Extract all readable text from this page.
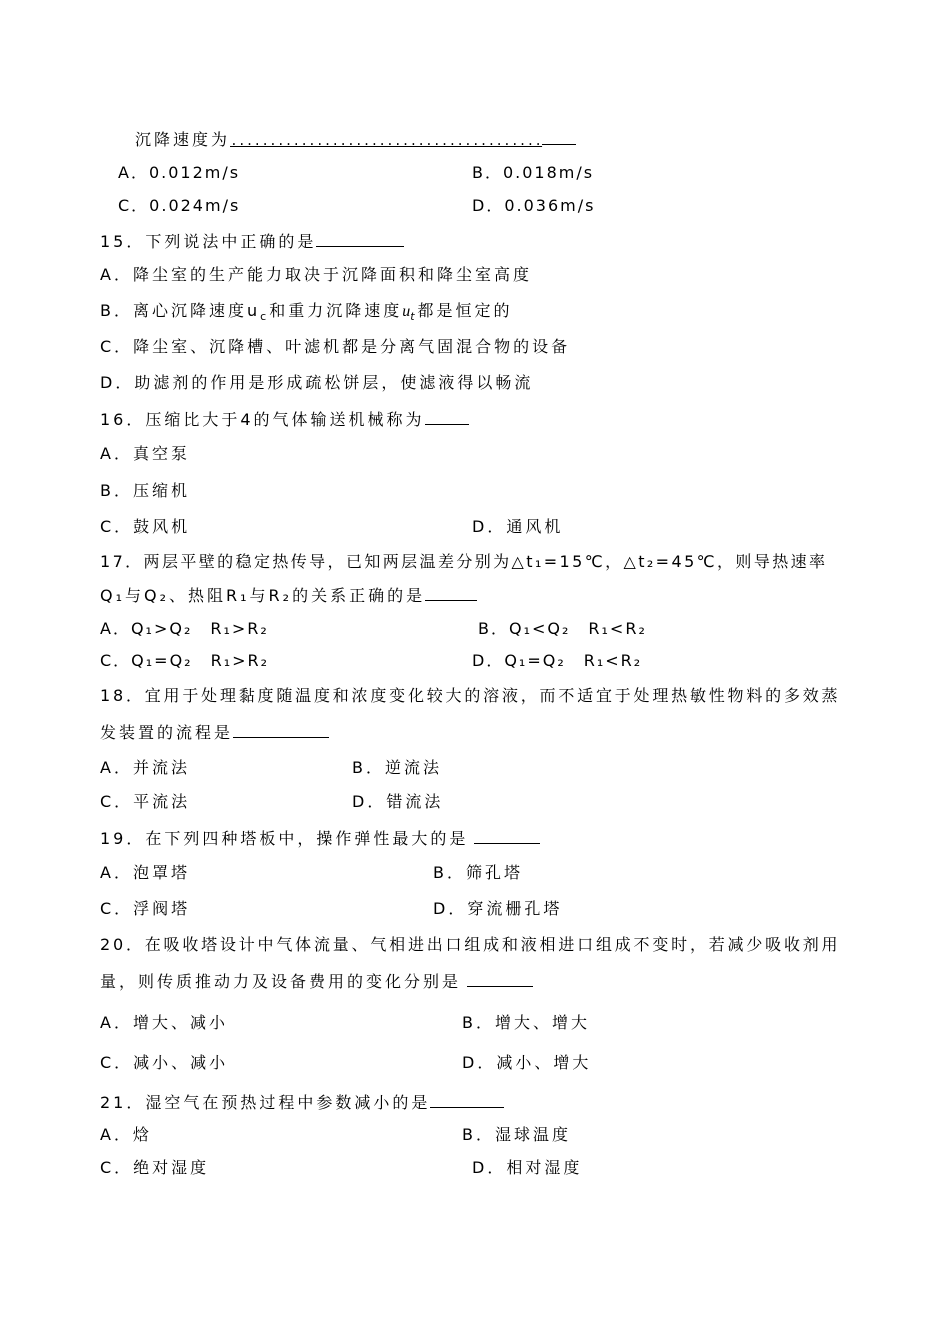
沉降速度为........................................
A．0.012m/s	B．0.018m/s
C．0.024m/s	D．0.036m/s
15．下列说法中正确的是
A．降尘室的生产能力取决于沉降面积和降尘室高度
B．离心沉降速度$u_c$和重力沉降速度$u_t$都是恒定的
C．降尘室、沉降槽、叶滤机都是分离气固混合物的设备
D．助滤剂的作用是形成疏松饼层，使滤液得以畅流
16．压缩比大于4的气体输送机械称为
A．真空泵
B．压缩机
C．鼓风机	D．通风机
17．两层平壁的稳定热传导，已知两层温差分别为△t₁=15℃，△t₂=45℃，则导热速率
Q₁与Q₂、热阻R₁与R₂的关系正确的是
A．Q₁>Q₂　R₁>R₂	B．Q₁<Q₂　R₁<R₂
C．Q₁=Q₂　R₁>R₂	D．Q₁=Q₂　R₁<R₂
18．宜用于处理黏度随温度和浓度变化较大的溶液，而不适宜于处理热敏性物料的多效蒸
发装置的流程是
A．并流法	B．逆流法
C．平流法	D．错流法
19．在下列四种塔板中，操作弹性最大的是
A．泡罩塔	B．筛孔塔
C．浮阀塔	D．穿流栅孔塔
20．在吸收塔设计中气体流量、气相进出口组成和液相进口组成不变时，若减少吸收剂用
量，则传质推动力及设备费用的变化分别是
A．增大、减小	B．增大、增大
C．减小、减小	D．减小、增大
21．湿空气在预热过程中参数减小的是
A．焓	B．湿球温度
C．绝对湿度	D．相对湿度
